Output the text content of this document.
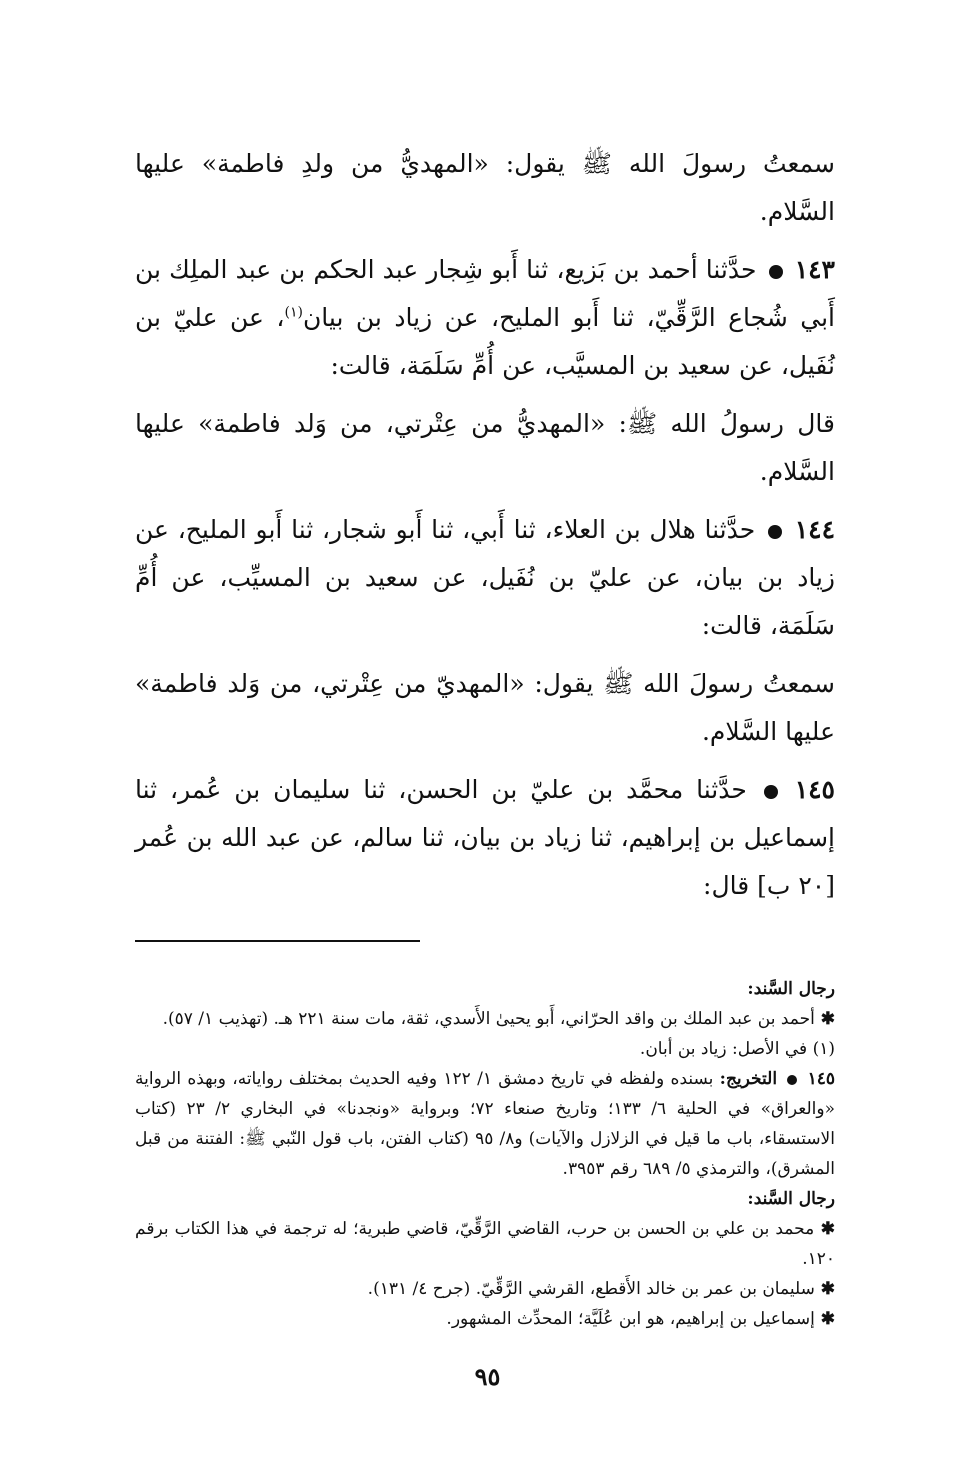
سمعتُ رسولَ الله ﷺ يقول: «المهديُّ من ولدِ فاطمة» عليها السَّلام.

١٤٣  حدَّثنا أحمد بن بَزيع، ثنا أَبو شِجار عبد الحكم بن عبد الملِك بن أَبي شُجاع الرَّقِّيّ، ثنا أَبو المليح، عن زياد بن بيان$^{(١)}$، عن عليّ بن نُفَيل، عن سعيد بن المسيَّب، عن أُمِّ سَلَمَة، قالت:

قال رسولُ الله ﷺ: «المهديُّ من عِتْرتي، من وَلد فاطمة» عليها السَّلام.

١٤٤  حدَّثنا هلال بن العلاء، ثنا أَبي، ثنا أَبو شجار، ثنا أَبو المليح، عن زياد بن بيان، عن عليّ بن نُفَيل، عن سعيد بن المسيِّب، عن أُمِّ سَلَمَة، قالت:

سمعتُ رسولَ الله ﷺ يقول: «المهديّ من عِتْرتي، من وَلد فاطمة» عليها السَّلام.

١٤٥  حدَّثنا محمَّد بن عليّ بن الحسن، ثنا سليمان بن عُمر، ثنا إسماعيل بن إبراهيم، ثنا زياد بن بيان، ثنا سالم، عن عبد الله بن عُمر [٢٠ ب] قال:

رجال السَّند:
✱ أحمد بن عبد الملك بن واقد الحرّاني، أَبو يحيىٰ الأَسدي، ثقة، مات سنة ٢٢١ هـ. (تهذيب ١/ ٥٧).
(١) في الأصل: زياد بن أبان.
١٤٥  التخريج: بسنده ولفظه في تاريخ دمشق ١/ ١٢٢ وفيه الحديث بمختلف رواياته، وبهذه الرواية «والعراق» في الحلية ٦/ ١٣٣؛ وتاريخ صنعاء ٧٢؛ وبرواية «ونجدنا» في البخاري ٢/ ٢٣ (كتاب الاستسقاء، باب ما قيل في الزلازل والآيات) و٨/ ٩٥ (كتاب الفتن، باب قول النّبي ﷺ: الفتنة من قبل المشرق)، والترمذي ٥/ ٦٨٩ رقم ٣٩٥٣.
رجال السَّند:
✱ محمد بن علي بن الحسن بن حرب، القاضي الرَّقِّيّ، قاضي طبرية؛ له ترجمة في هذا الكتاب برقم ١٢٠.
✱ سليمان بن عمر بن خالد الأَقطع، القرشي الرَّقِّيّ. (جرح ٤/ ١٣١).
✱ إسماعيل بن إبراهيم، هو ابن عُلَيَّة؛ المحدِّث المشهور.
٩٥
